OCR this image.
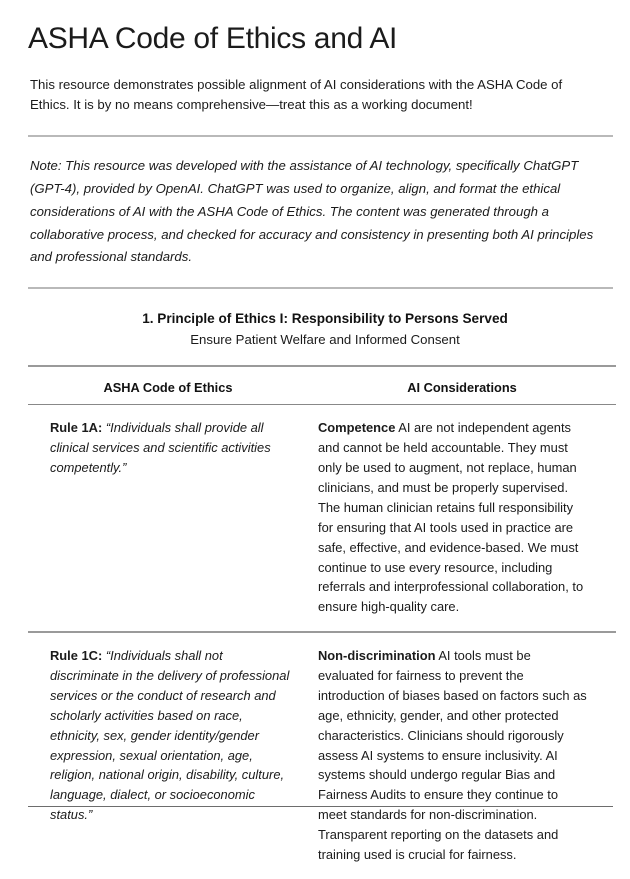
ASHA Code of Ethics and AI

This resource demonstrates possible alignment of AI considerations with the ASHA Code of Ethics. It is by no means comprehensive—treat this as a working document!

Note: This resource was developed with the assistance of AI technology, specifically ChatGPT (GPT-4), provided by OpenAI. ChatGPT was used to organize, align, and format the ethical considerations of AI with the ASHA Code of Ethics. The content was generated through a collaborative process, and checked for accuracy and consistency in presenting both AI principles and professional standards.

1. Principle of Ethics I: Responsibility to Persons Served
Ensure Patient Welfare and Informed Consent
ASHA Code of Ethics	AI Considerations
Rule 1A: “Individuals shall provide all clinical services and scientific activities competently.”	Competence AI are not independent agents and cannot be held accountable. They must only be used to augment, not replace, human clinicians, and must be properly supervised. The human clinician retains full responsibility for ensuring that AI tools used in practice are safe, effective, and evidence-based. We must continue to use every resource, including referrals and interprofessional collaboration, to ensure high-quality care.
Rule 1C: “Individuals shall not discriminate in the delivery of professional services or the conduct of research and scholarly activities based on race, ethnicity, sex, gender identity/gender expression, sexual orientation, age, religion, national origin, disability, culture, language, dialect, or socioeconomic status.”	Non-discrimination AI tools must be evaluated for fairness to prevent the introduction of biases based on factors such as age, ethnicity, gender, and other protected characteristics. Clinicians should rigorously assess AI systems to ensure inclusivity. AI systems should undergo regular Bias and Fairness Audits to ensure they continue to meet standards for non-discrimination. Transparent reporting on the datasets and training used is crucial for fairness.
